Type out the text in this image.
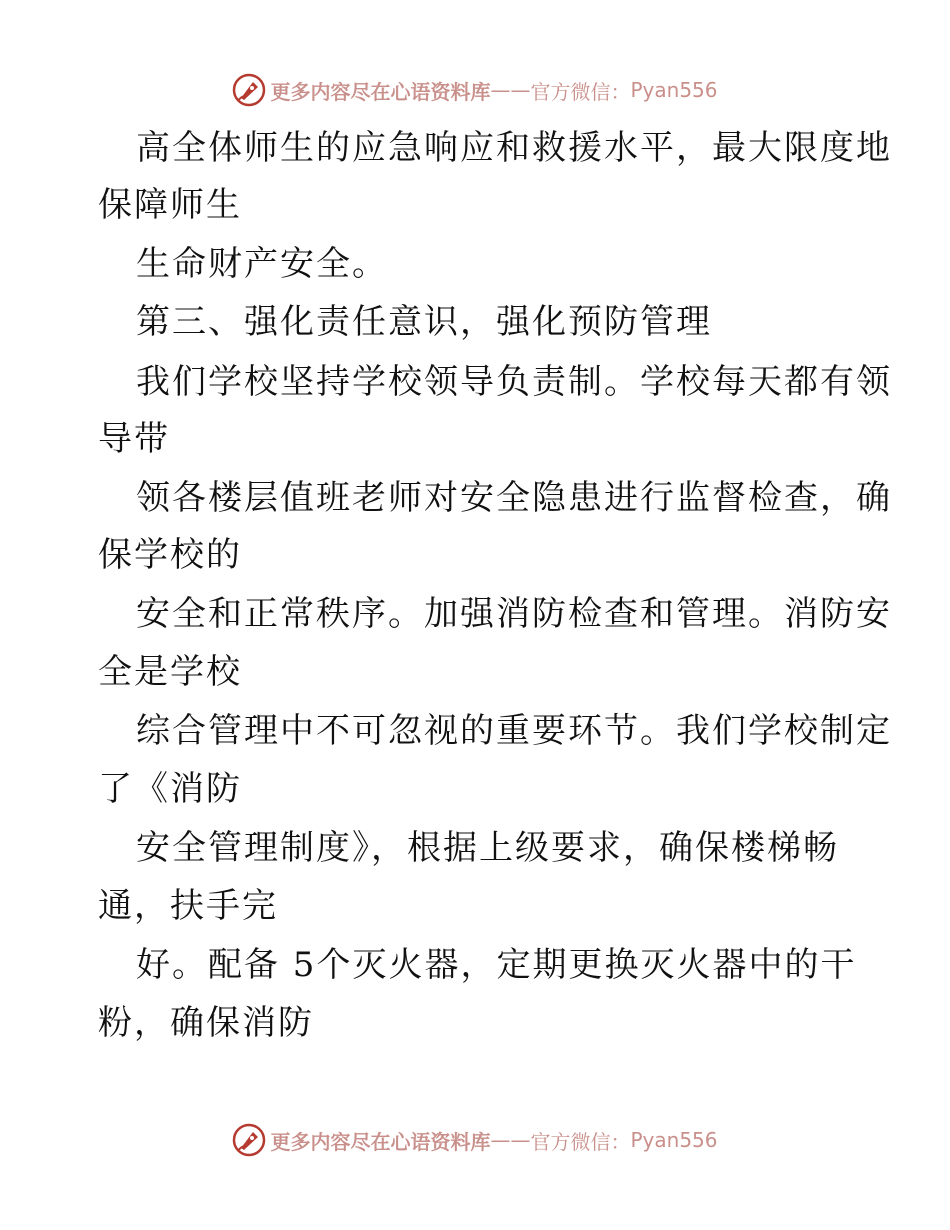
更多内容尽在心语资料库 —— 官方微信： Pyan556
高全体师生的应急响应和救援水平，最大限度地
保障师生
生命财产安全。
第三、强化责任意识，强化预防管理
我们学校坚持学校领导负责制。学校每天都有领
导带
领各楼层值班老师对安全隐患进行监督检查，确
保学校的
安全和正常秩序。加强消防检查和管理。消防安
全是学校
综合管理中不可忽视的重要环节。我们学校制定
了《消防
安全管理制度》，根据上级要求，确保楼梯畅
通，扶手完
好。配备 5个灭火器，定期更换灭火器中的干
粉，确保消防
更多内容尽在心语资料库 —— 官方微信： Pyan556
